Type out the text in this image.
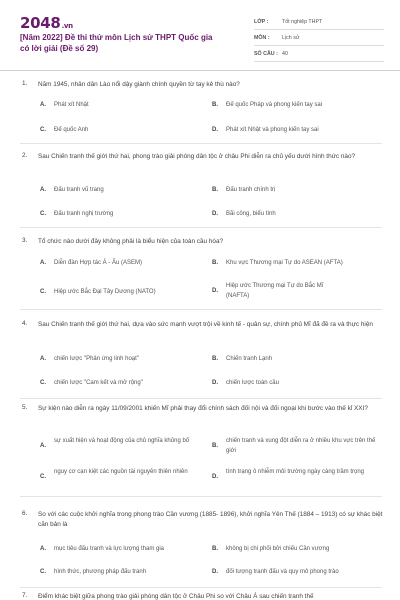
2048.vn
[Năm 2022] Đề thi thử môn Lịch sử THPT Quốc gia có lời giải (Đề số 29)
LỚP :	Tốt nghiệp THPT
MÔN :	Lịch sử
SỐ CÂU : 40
1. Năm 1945, nhân dân Lào nổi dậy giành chính quyền từ tay kẻ thù nào?
A. Phát xít Nhật	B. Đế quốc Pháp và phong kiến tay sai
C. Đế quốc Anh	D. Phát xít Nhật và phong kiến tay sai
2. Sau Chiến tranh thế giới thứ hai, phong trào giải phóng dân tộc ở châu Phi diễn ra chủ yếu dưới hình thức nào?
A. Đấu tranh vũ trang	B. Đấu tranh chính trị
C. Đấu tranh nghị trường	D. Bãi công, biểu tình
3. Tổ chức nào dưới đây không phải là biểu hiện của toàn cầu hóa?
A. Diễn đàn Hợp tác Á - Âu (ASEM)	B. Khu vực Thương mại Tự do ASEAN (AFTA)
C. Hiệp ước Bắc Đại Tây Dương (NATO)	D.
Hiệp ước Thương mại Tự do Bắc Mĩ (NAFTA)
4. Sau Chiến tranh thế giới thứ hai, dựa vào sức mạnh vượt trội về kinh tế - quân sự, chính phủ Mĩ đã đề ra và thực hiện
A. chiến lược "Phản ứng linh hoạt"	B. Chiến tranh Lạnh
C. chiến lược "Cam kết và mở rộng"	D. chiến lược toàn cầu
5. Sự kiện nào diễn ra ngày 11/09/2001 khiến Mĩ phải thay đổi chính sách đối nội và đối ngoại khi bước vào thế kỉ XXI?
A.
sự xuất hiện và hoạt động của chủ nghĩa khủng bố
B.
chiến tranh và xung đột diễn ra ở nhiều khu vực trên thế giới
C.
nguy cơ cạn kiệt các nguồn tài nguyên thiên nhiên
D.
tình trạng ô nhiễm môi trường ngày càng trầm trọng
6. So với các cuộc khởi nghĩa trong phong trào Cần vương (1885- 1896), khởi nghĩa Yên Thế (1884 – 1913) có sự khác biệt căn bản là
A. mục tiêu đấu tranh và lực lượng tham gia	B. không bị chi phối bởi chiếu Cần vương
C. hình thức, phương pháp đấu tranh	D. đối tượng tranh đấu và quy mô phong trào
7. Điểm khác biệt giữa phong trào giải phóng dân tộc ở Châu Phi so với Châu Á sau chiến tranh thế
